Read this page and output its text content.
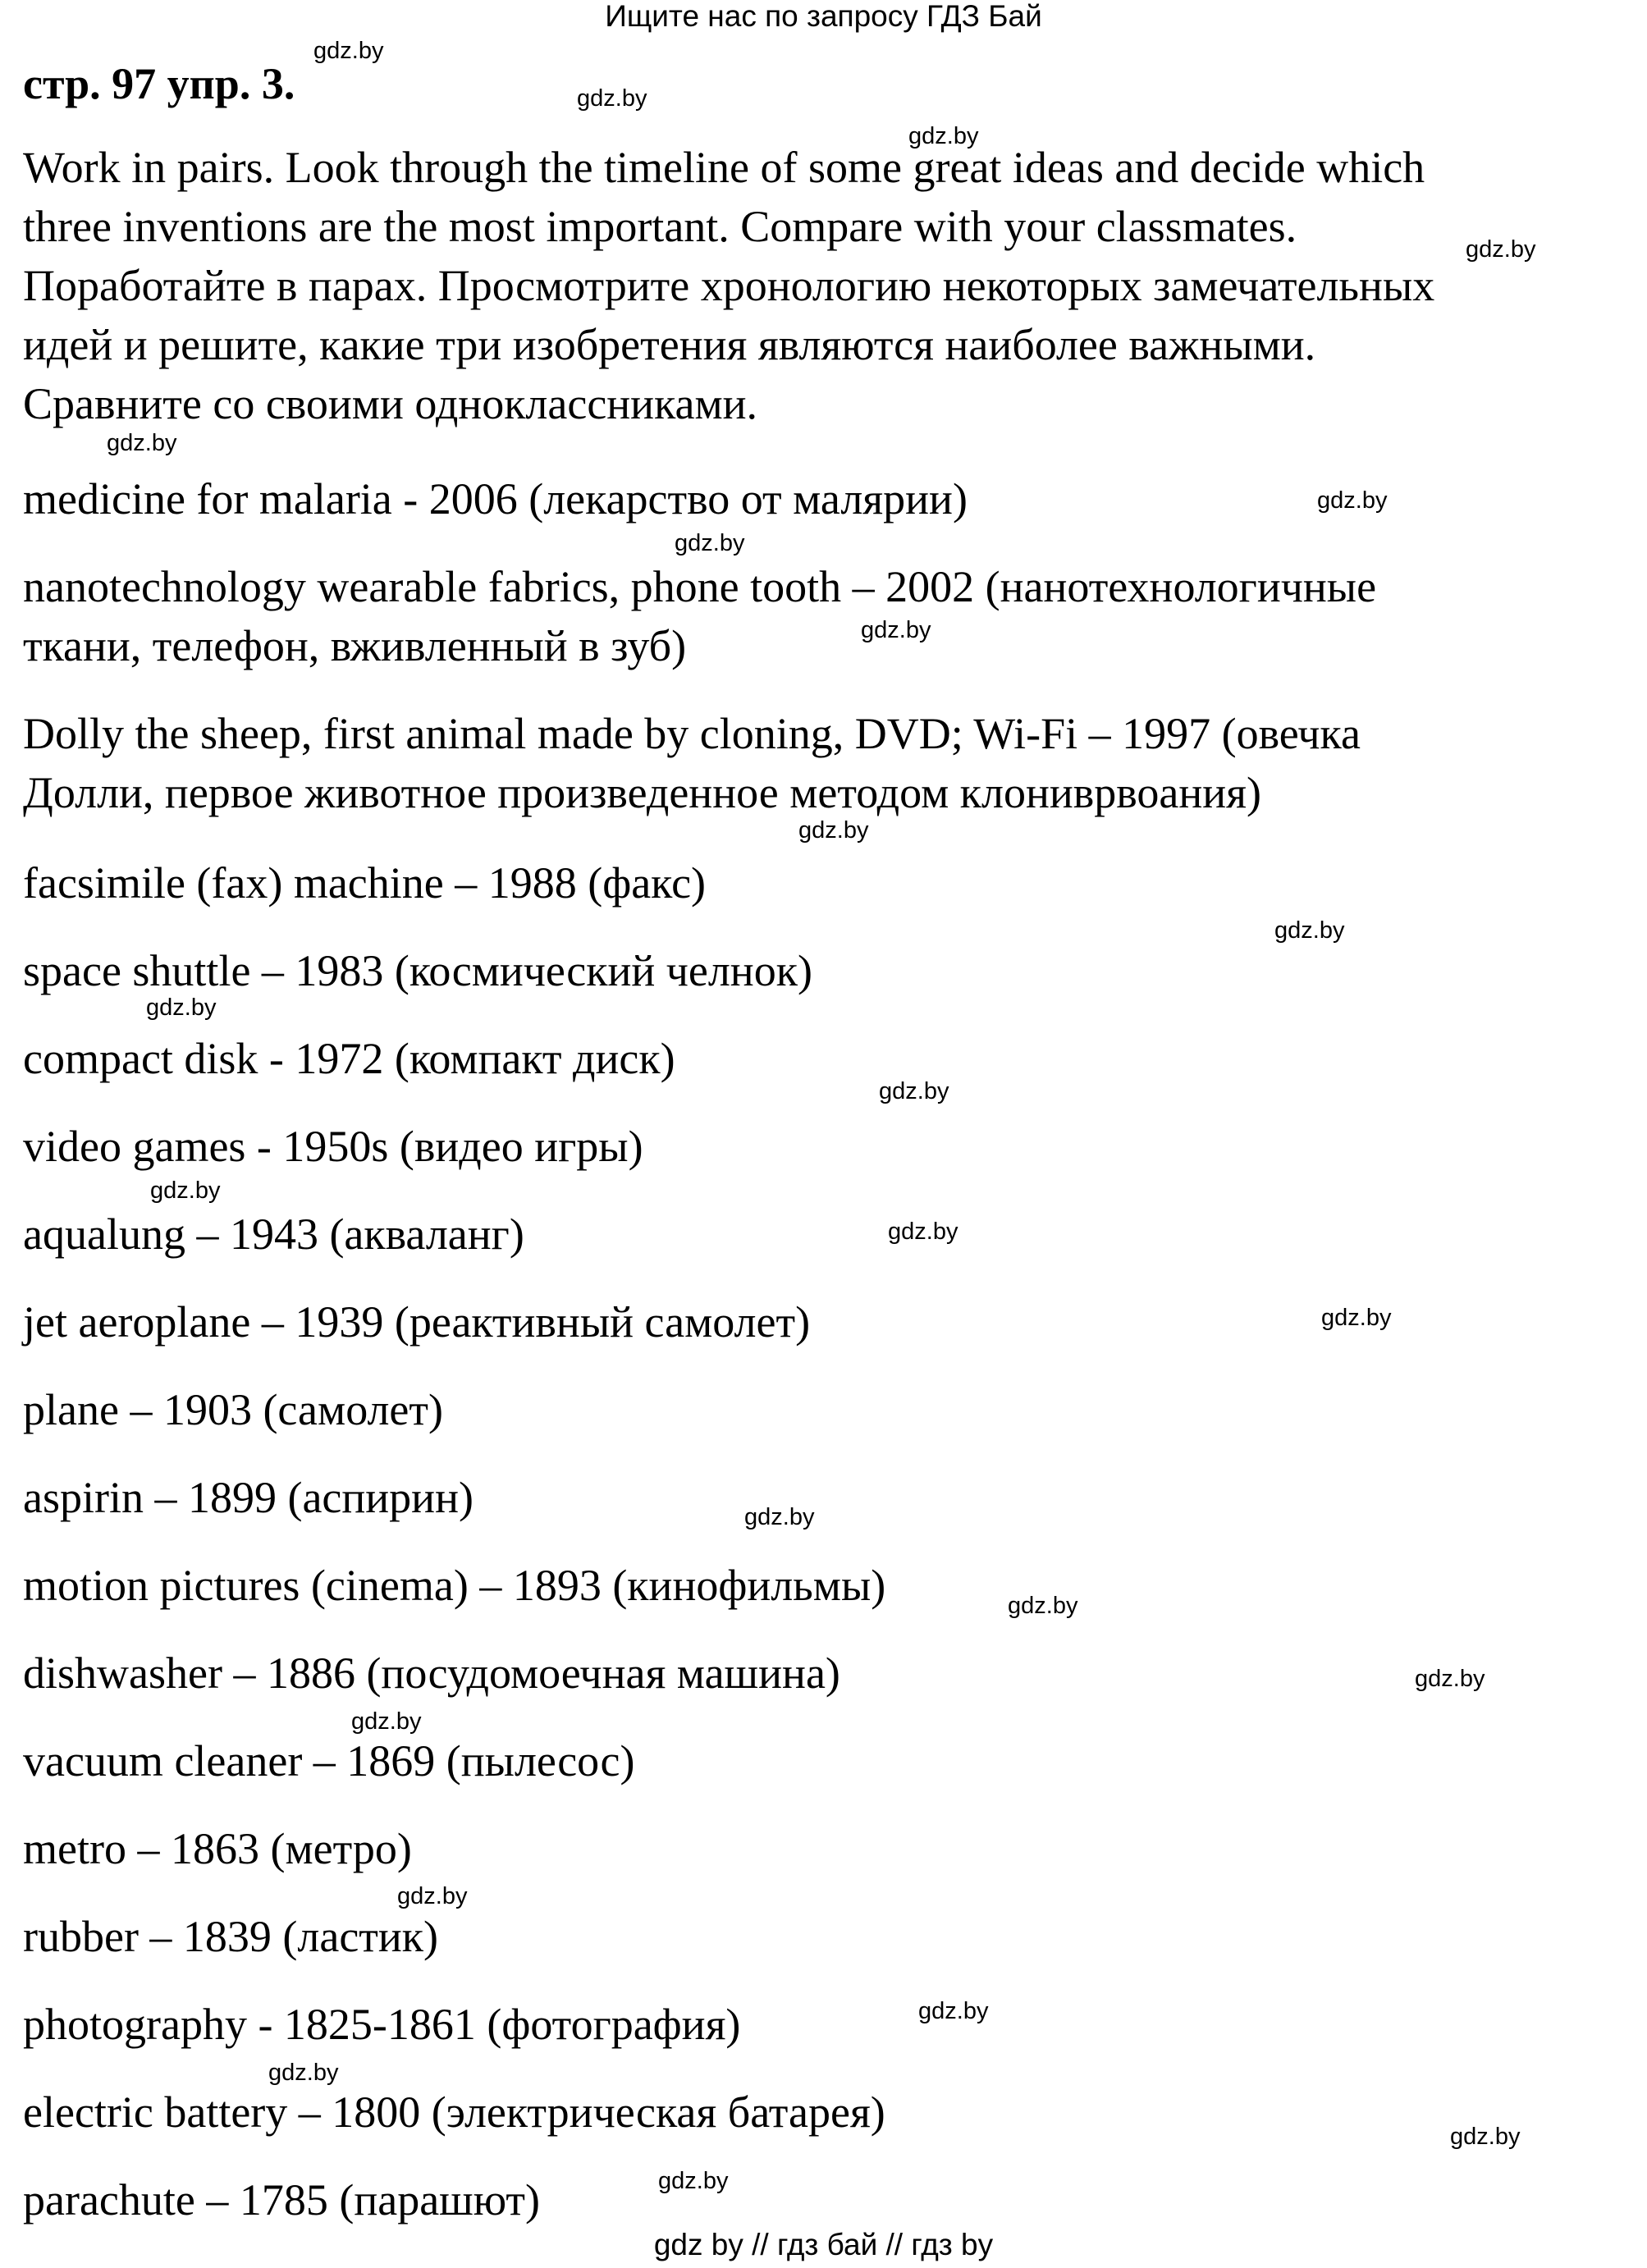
Ищите нас по запросу ГДЗ Бай
стр. 97 упр. 3.
Work in pairs. Look through the timeline of some great ideas and decide which
three inventions are the most important. Compare with your classmates.
Поработайте в парах. Просмотрите хронологию некоторых замечательных
идей и решите, какие три изобретения являются наиболее важными.
Сравните со своими одноклассниками.
medicine for malaria - 2006 (лекарство от малярии)
nanotechnology wearable fabrics, phone tooth – 2002 (нанотехнологичные
ткани, телефон, вживленный в зуб)
Dolly the sheep, first animal made by cloning, DVD; Wi-Fi – 1997 (овечка
Долли, первое животное произведенное методом клониврвоания)
facsimile (fax) machine – 1988 (факс)
space shuttle – 1983 (космический челнок)
compact disk - 1972 (компакт диск)
video games - 1950s (видео игры)
aqualung – 1943 (акваланг)
jet aeroplane – 1939 (реактивный самолет)
plane – 1903 (самолет)
aspirin – 1899 (аспирин)
motion pictures (cinema) – 1893 (кинофильмы)
dishwasher – 1886 (посудомоечная машина)
vacuum cleaner – 1869 (пылесос)
metro – 1863 (метро)
rubber – 1839 (ластик)
photography - 1825-1861 (фотография)
electric battery – 1800 (электрическая батарея)
parachute – 1785 (парашют)
gdz.by
gdz.by
gdz.by
gdz.by
gdz.by
gdz.by
gdz.by
gdz.by
gdz.by
gdz.by
gdz.by
gdz.by
gdz.by
gdz.by
gdz.by
gdz.by
gdz.by
gdz.by
gdz.by
gdz.by
gdz.by
gdz.by
gdz.by
gdz.by
gdz by // гдз бай // гдз by
